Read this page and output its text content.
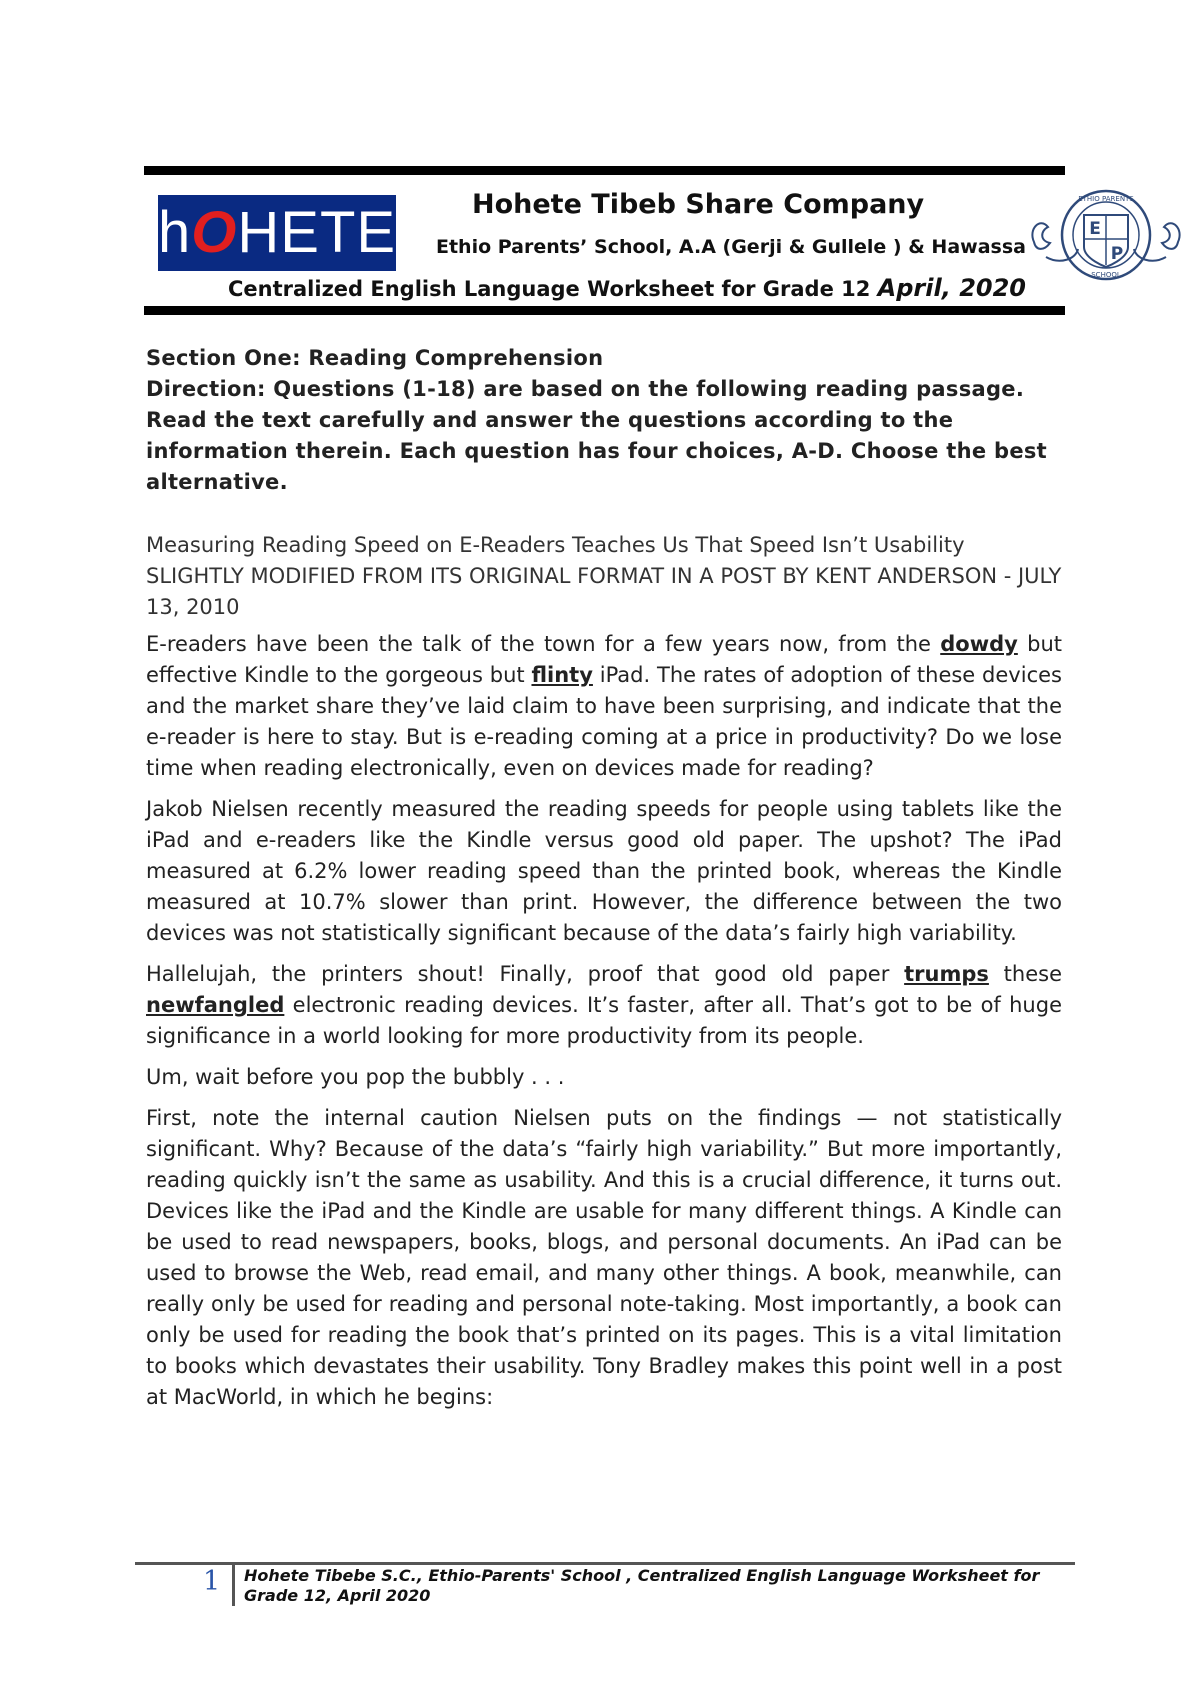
hOHETE	Hohete Tibeb Share Company
Ethio Parents’ School, A.A (Gerji & Gullele ) & Hawassa
Centralized English Language Worksheet for Grade 12 April, 2020
E
P
ETHIO PARENTS
SCHOOL

Section One: Reading Comprehension

Direction: Questions (1-18) are based on the following reading passage. Read the text carefully and answer the questions according to the information therein. Each question has four choices, A-D. Choose the best alternative.

Measuring Reading Speed on E-Readers Teaches Us That Speed Isn’t Usability
SLIGHTLY MODIFIED FROM ITS ORIGINAL FORMAT IN A POST BY KENT ANDERSON - JULY 13, 2010

E-readers have been the talk of the town for a few years now, from the dowdy but effective Kindle to the gorgeous but flinty iPad. The rates of adoption of these devices and the market share they’ve laid claim to have been surprising, and indicate that the e-reader is here to stay. But is e-reading coming at a price in productivity? Do we lose time when reading electronically, even on devices made for reading?

Jakob Nielsen recently measured the reading speeds for people using tablets like the iPad and e-readers like the Kindle versus good old paper. The upshot? The iPad measured at 6.2% lower reading speed than the printed book, whereas the Kindle measured at 10.7% slower than print. However, the difference between the two devices was not statistically significant because of the data’s fairly high variability.

Hallelujah, the printers shout! Finally, proof that good old paper trumps these newfangled electronic reading devices. It’s faster, after all. That’s got to be of huge significance in a world looking for more productivity from its people.

Um, wait before you pop the bubbly . . .

First, note the internal caution Nielsen puts on the findings — not statistically significant. Why? Because of the data’s “fairly high variability.” But more importantly, reading quickly isn’t the same as usability. And this is a crucial difference, it turns out. Devices like the iPad and the Kindle are usable for many different things. A Kindle can be used to read newspapers, books, blogs, and personal documents. An iPad can be used to browse the Web, read email, and many other things. A book, meanwhile, can really only be used for reading and personal note-taking. Most importantly, a book can only be used for reading the book that’s printed on its pages. This is a vital limitation to books which devastates their usability. Tony Bradley makes this point well in a post at MacWorld, in which he begins:

1 Hohete Tibebe S.C., Ethio-Parents' School , Centralized English Language Worksheet for Grade 12, April 2020
